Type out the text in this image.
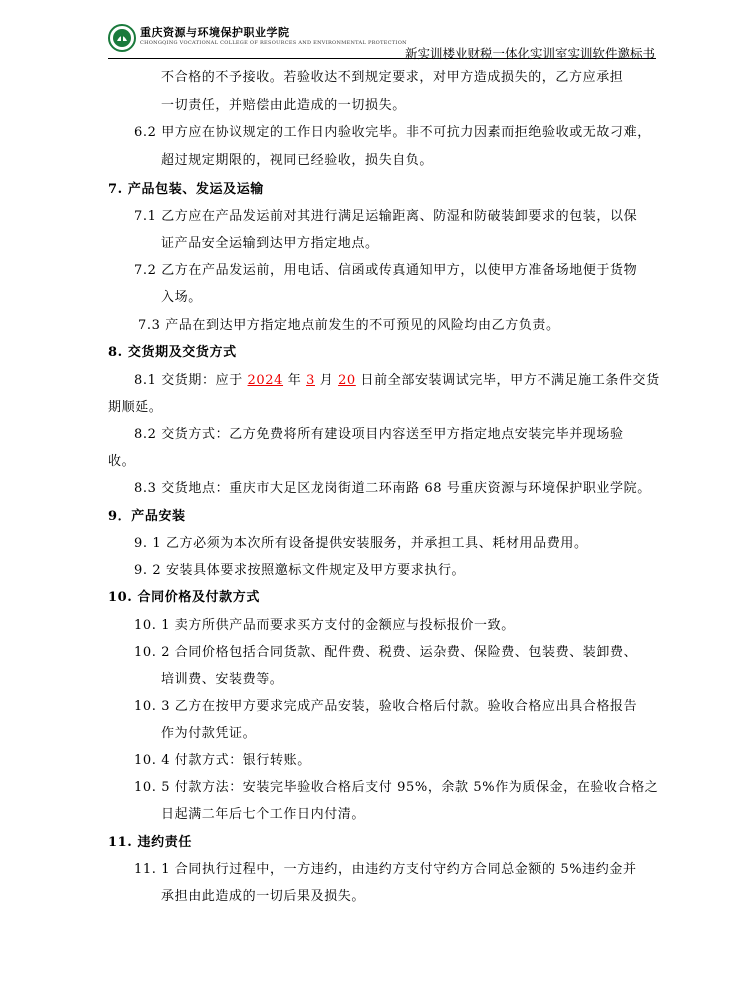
重庆资源与环境保护职业学院
CHONGQING VOCATIONAL COLLEGE OF RESOURCES AND ENVIRONMENTAL PROTECTION
新实训楼业财税一体化实训室实训软件邀标书
不合格的不予接收。若验收达不到规定要求，对甲方造成损失的，乙方应承担
一切责任，并赔偿由此造成的一切损失。
6.2 甲方应在协议规定的工作日内验收完毕。非不可抗力因素而拒绝验收或无故刁难，
超过规定期限的，视同已经验收，损失自负。
7. 产品包装、发运及运输
7.1 乙方应在产品发运前对其进行满足运输距离、防湿和防破装卸要求的包装，以保
证产品安全运输到达甲方指定地点。
7.2 乙方在产品发运前，用电话、信函或传真通知甲方，以使甲方准备场地便于货物
入场。
7.3 产品在到达甲方指定地点前发生的不可预见的风险均由乙方负责。
8. 交货期及交货方式
8.1 交货期：应于 2024 年 3 月 20 日前全部安装调试完毕，甲方不满足施工条件交货
期顺延。
8.2 交货方式：乙方免费将所有建设项目内容送至甲方指定地点安装完毕并现场验
收。
8.3 交货地点：重庆市大足区龙岗街道二环南路 68 号重庆资源与环境保护职业学院。
9．产品安装
9. 1 乙方必须为本次所有设备提供安装服务，并承担工具、耗材用品费用。
9. 2 安装具体要求按照邀标文件规定及甲方要求执行。
10. 合同价格及付款方式
10. 1 卖方所供产品而要求买方支付的金额应与投标报价一致。
10. 2 合同价格包括合同货款、配件费、税费、运杂费、保险费、包装费、装卸费、
培训费、安装费等。
10. 3 乙方在按甲方要求完成产品安装，验收合格后付款。验收合格应出具合格报告
作为付款凭证。
10. 4 付款方式：银行转账。
10. 5 付款方法：安装完毕验收合格后支付 95%，余款 5%作为质保金，在验收合格之
日起满二年后七个工作日内付清。
11. 违约责任
11. 1 合同执行过程中，一方违约，由违约方支付守约方合同总金额的 5%违约金并
承担由此造成的一切后果及损失。
